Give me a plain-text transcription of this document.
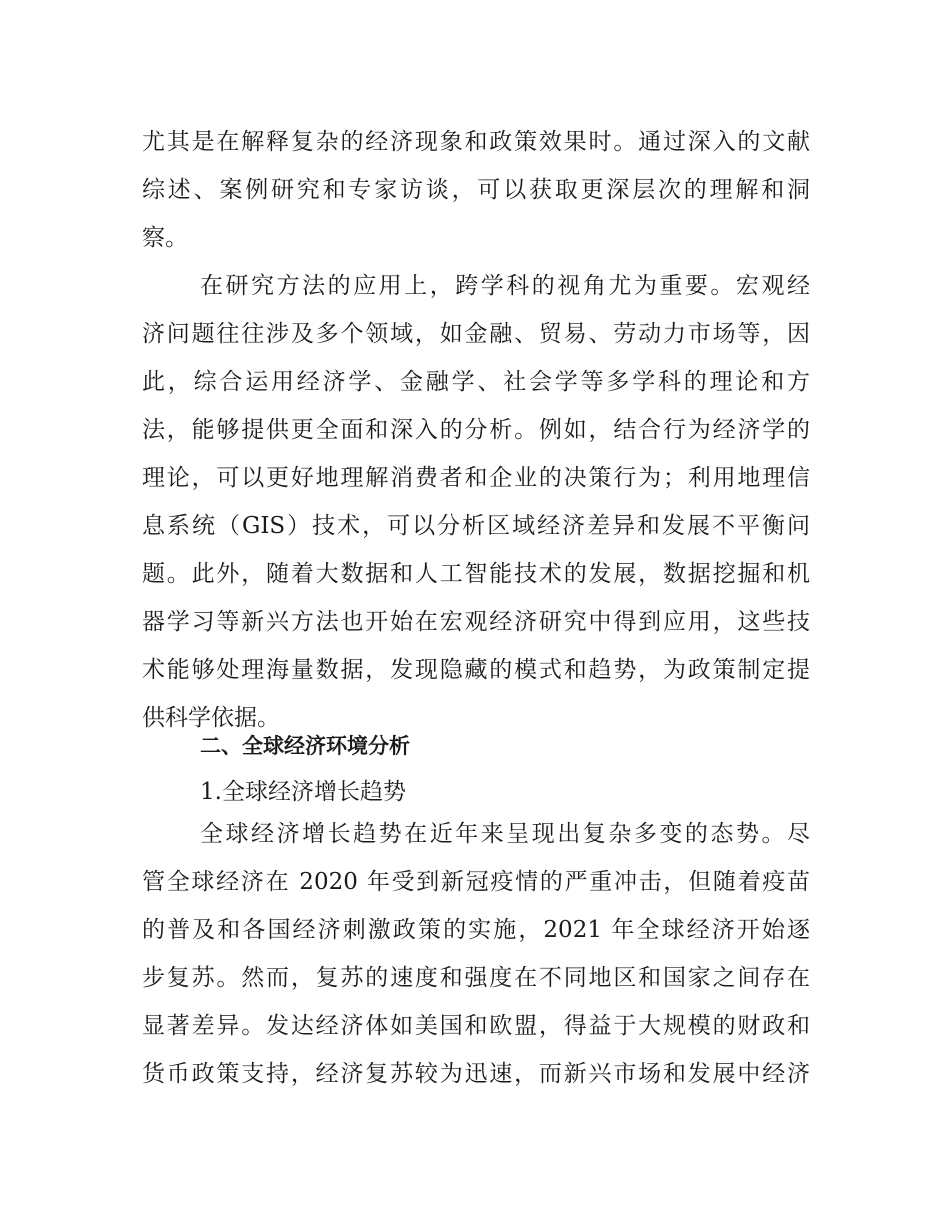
尤其是在解释复杂的经济现象和政策效果时。通过深入的文献
综述、案例研究和专家访谈，可以获取更深层次的理解和洞
察。
在研究方法的应用上，跨学科的视角尤为重要。宏观经
济问题往往涉及多个领域，如金融、贸易、劳动力市场等，因
此，综合运用经济学、金融学、社会学等多学科的理论和方
法，能够提供更全面和深入的分析。例如，结合行为经济学的
理论，可以更好地理解消费者和企业的决策行为；利用地理信
息系统（GIS）技术，可以分析区域经济差异和发展不平衡问
题。此外，随着大数据和人工智能技术的发展，数据挖掘和机
器学习等新兴方法也开始在宏观经济研究中得到应用，这些技
术能够处理海量数据，发现隐藏的模式和趋势，为政策制定提
供科学依据。
二、全球经济环境分析
1.全球经济增长趋势
全球经济增长趋势在近年来呈现出复杂多变的态势。尽
管全球经济在 2020 年受到新冠疫情的严重冲击，但随着疫苗
的普及和各国经济刺激政策的实施，2021 年全球经济开始逐
步复苏。然而，复苏的速度和强度在不同地区和国家之间存在
显著差异。发达经济体如美国和欧盟，得益于大规模的财政和
货币政策支持，经济复苏较为迅速，而新兴市场和发展中经济
